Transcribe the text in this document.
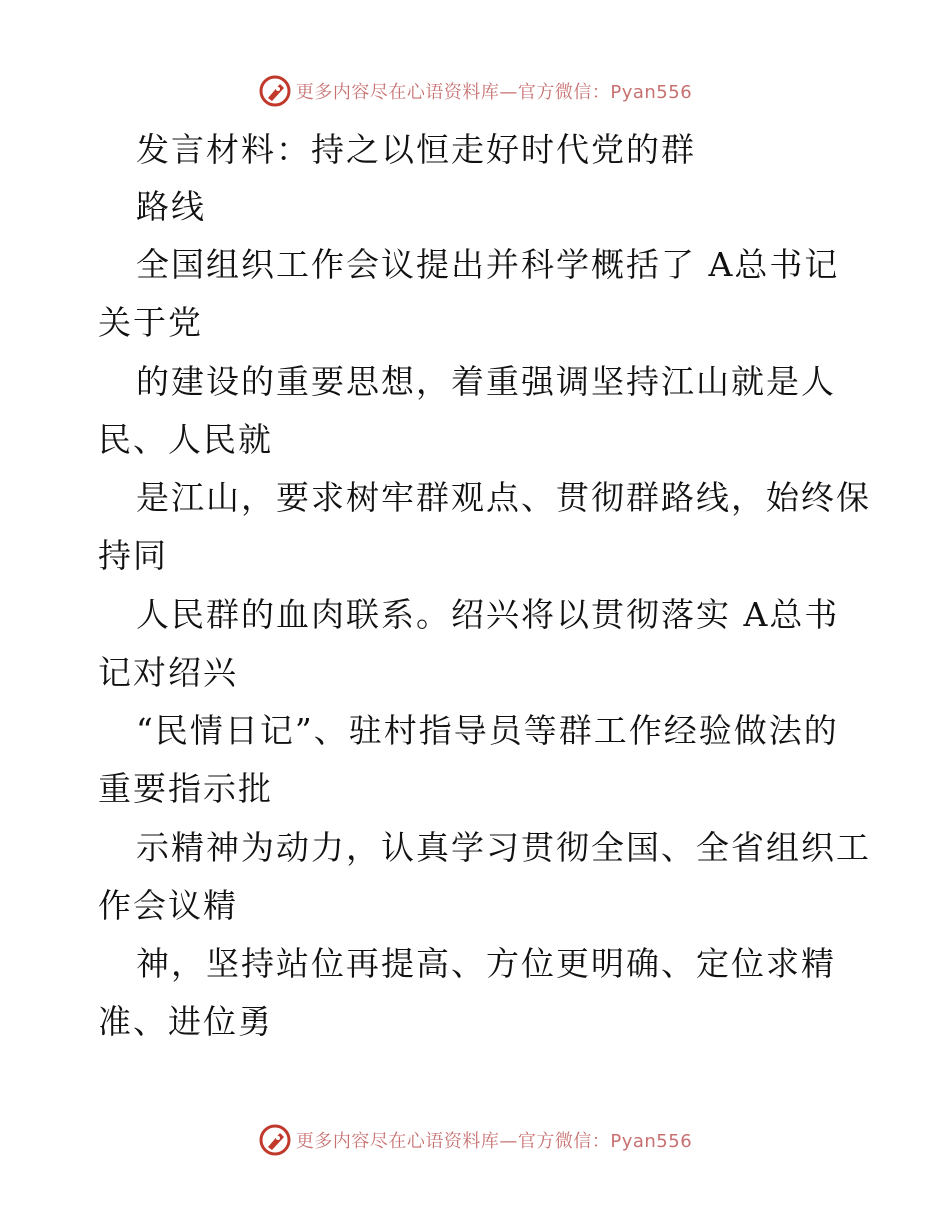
更多内容尽在心语资料库—官方微信：Pyan556
发言材料：持之以恒走好时代党的群
路线
全国组织工作会议提出并科学概括了 A总书记
关于党
的建设的重要思想，着重强调坚持江山就是人
民、人民就
是江山，要求树牢群观点、贯彻群路线，始终保
持同
人民群的血肉联系。绍兴将以贯彻落实 A总书
记对绍兴
“民情日记”、驻村指导员等群工作经验做法的
重要指示批
示精神为动力，认真学习贯彻全国、全省组织工
作会议精
神，坚持站位再提高、方位更明确、定位求精
准、进位勇
更多内容尽在心语资料库—官方微信：Pyan556
